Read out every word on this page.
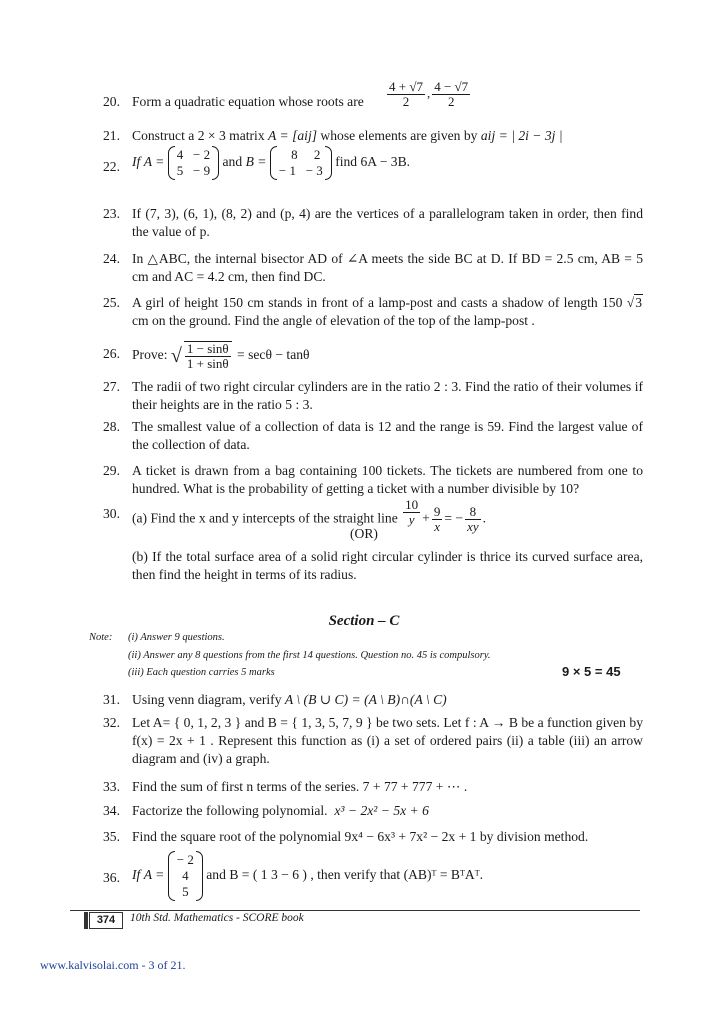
20. Form a quadratic equation whose roots are	$\frac{4 + √7}{2}$ , $\frac{4 - √7}{2}$
21. Construct a 2 × 3 matrix A = [aij] whose elements are given by aij = | 2i − 3j |
22. If A = 4   − 2
5   − 9
and B = 8     2
− 1   − 3
find 6A − 3B.
23. If (7, 3), (6, 1), (8, 2) and (p, 4) are the vertices of a parallelogram taken in order, then find the value of p.
24. In △ABC, the internal bisector AD of ∠A meets the side BC at D. If BD = 2.5 cm, AB = 5 cm and AC = 4.2 cm, then find DC.
25. A girl of height 150 cm stands in front of a lamp-post and casts a shadow of length 150 √3 cm on the ground. Find the angle of elevation of the top of the lamp-post .
26. Prove: √ $\frac{1 - \sin\theta}{1 + \sin\theta} = \sec\theta - \tan\theta$
27. The radii of two right circular cylinders are in the ratio 2 : 3. Find the ratio of their volumes if their heights are in the ratio 5 : 3.
28. The smallest value of a collection of data is 12 and the range is 59. Find the largest value of the collection of data.
29. A ticket is drawn from a bag containing 100 tickets. The tickets are numbered from one to hundred. What is the probability of getting a ticket with a number divisible by 10?
30. (a) Find the x and y intercepts of the straight line $\frac{10}{y} + \frac{9}{x}$ = − $\frac{8}{xy}$ .
(OR)
(b) If the total surface area of a solid right circular cylinder is thrice its curved surface area, then find the height in terms of its radius.
Section – C
Note: (i) Answer 9 questions.
(ii) Answer any 8 questions from the first 14 questions. Question no. 45 is compulsory.
(iii) Each question carries 5 marks	9 × 5 = 45
31. Using venn diagram, verify A \ (B ∪ C) = (A \ B)∩(A \ C)
32. Let A= { 0, 1, 2, 3 } and B = { 1, 3, 5, 7, 9 } be two sets. Let f : A → B be a function given by f(x) = 2x + 1 . Represent this function as (i) a set of ordered pairs (ii) a table (iii) an arrow diagram and (iv) a graph.
33. Find the sum of first n terms of the series. 7 + 77 + 777 + ⋯ .
34. Factorize the following polynomial. x³ − 2x² − 5x + 6
35. Find the square root of the polynomial 9x⁴ − 6x³ + 7x² − 2x + 1 by division method.
36. If A =
− 2
4
5
and B = ( 1 3 − 6 ) , then verify that (AB)ᵀ = BᵀAᵀ.
374	10th Std. Mathematics - SCORE book
www.kalvisolai.com - 3 of 21.
